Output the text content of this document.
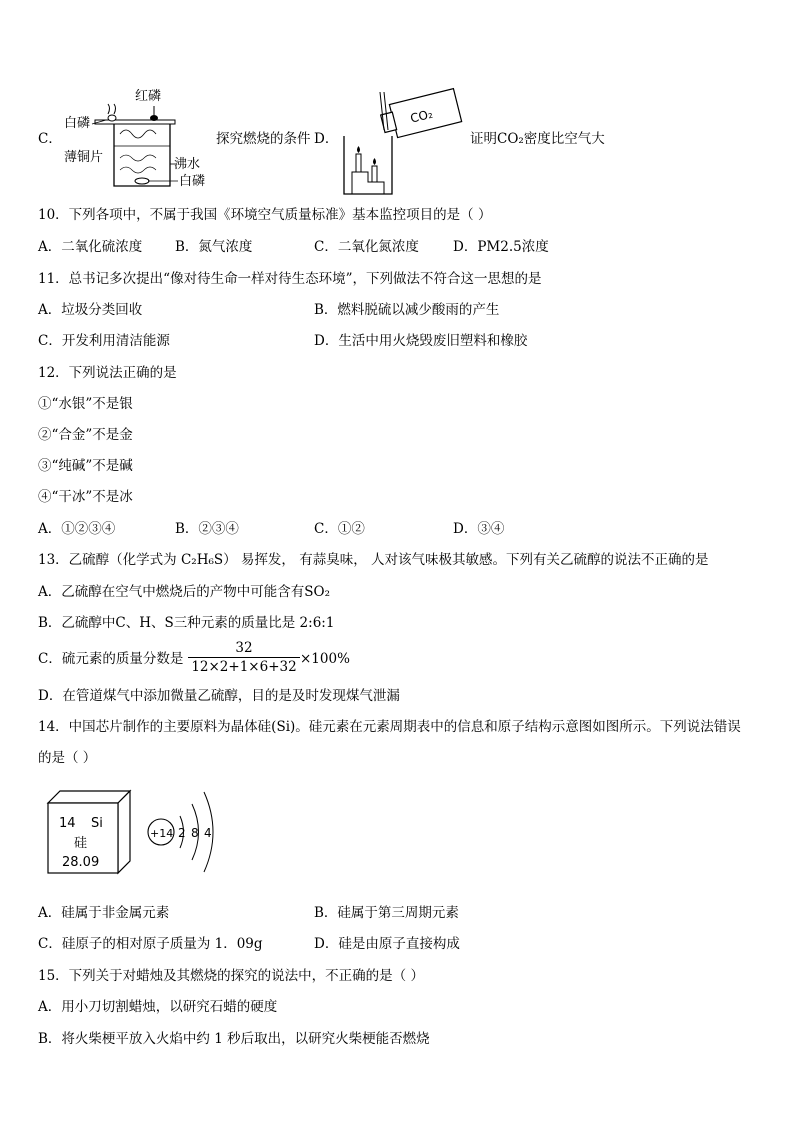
C．
红磷
白磷
薄铜片	沸水
白磷
探究燃烧的条件 D．
CO₂
证明CO₂密度比空气大
10．下列各项中，不属于我国《环境空气质量标准》基本监控项目的是（ ）
A．二氧化硫浓度 B．氮气浓度	C．二氧化氮浓度	D．PM2.5浓度
11．总书记多次提出“像对待生命一样对待生态环境”，下列做法不符合这一思想的是
A．垃圾分类回收	B．燃料脱硫以减少酸雨的产生
C．开发利用清洁能源	D．生活中用火烧毁废旧塑料和橡胶
12．下列说法正确的是
①“水银”不是银
②“合金”不是金
③“纯碱”不是碱
④“干冰”不是冰
A．①②③④	B．②③④	C．①②	D．③④
13．乙硫醇（化学式为 C₂H₆S） 易挥发， 有蒜臭味， 人对该气味极其敏感。下列有关乙硫醇的说法不正确的是
A．乙硫醇在空气中燃烧后的产物中可能含有SO₂
B．乙硫醇中C、H、S三种元素的质量比是 2:6:1
C．硫元素的质量分数是 $\frac{32}{12\times 2+1\times 6+32} \times 100\%$
D．在管道煤气中添加微量乙硫醇，目的是及时发现煤气泄漏
14．中国芯片制作的主要原料为晶体硅(Si)。硅元素在元素周期表中的信息和原子结构示意图如图所示。下列说法错误
的是（ ）
14 Si
硅
28.09
+14 2 8 4
A．硅属于非金属元素	B．硅属于第三周期元素
C．硅原子的相对原子质量为 1．09g	D．硅是由原子直接构成
15．下列关于对蜡烛及其燃烧的探究的说法中，不正确的是（ ）
A．用小刀切割蜡烛，以研究石蜡的硬度
B．将火柴梗平放入火焰中约 1 秒后取出，以研究火柴梗能否燃烧
